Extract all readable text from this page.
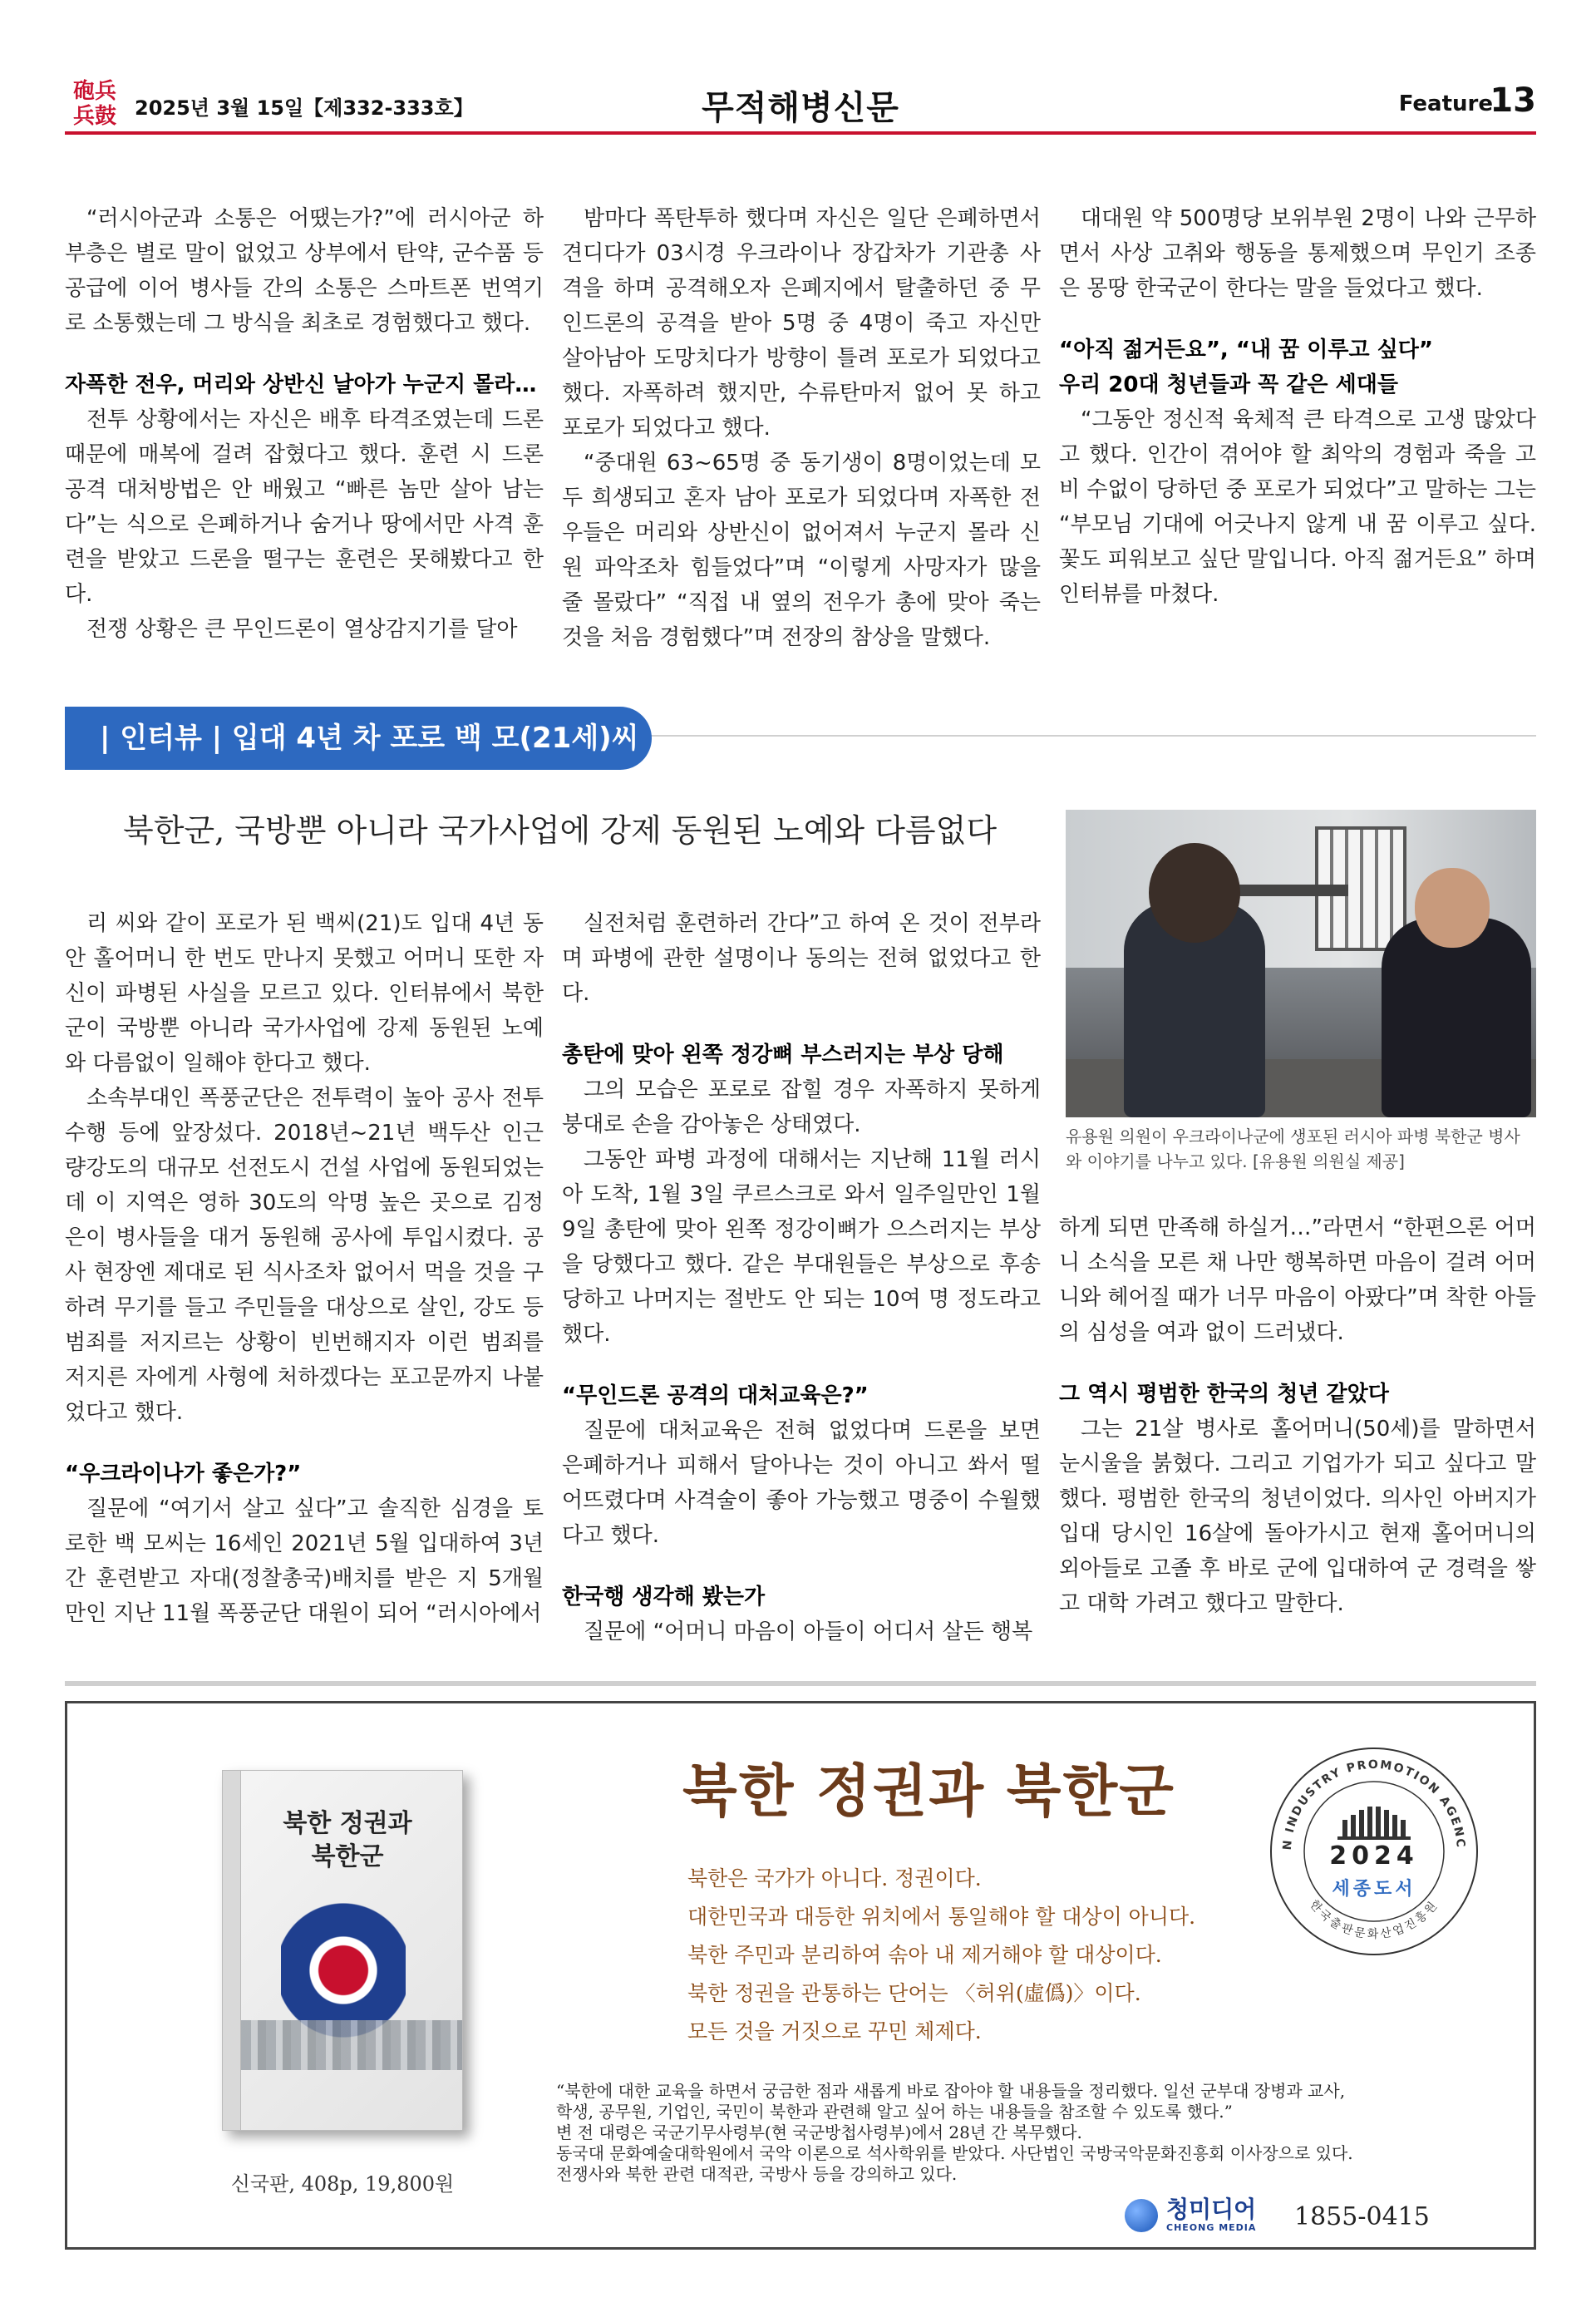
砲兵
兵鼓 2025년 3월 15일【제332-333호】	무적해병신문	Feature
13

“러시아군과 소통은 어땠는가?”에 러시아군 하부층은 별로 말이 없었고 상부에서 탄약, 군수품 등 공급에 이어 병사들 간의 소통은 스마트폰 번역기로 소통했는데 그 방식을 최초로 경험했다고 했다.

자폭한 전우, 머리와 상반신 날아가 누군지 몰라…

전투 상황에서는 자신은 배후 타격조였는데 드론 때문에 매복에 걸려 잡혔다고 했다. 훈련 시 드론 공격 대처방법은 안 배웠고 “빠른 놈만 살아 남는다”는 식으로 은폐하거나 숨거나 땅에서만 사격 훈련을 받았고 드론을 떨구는 훈련은 못해봤다고 한다.

전쟁 상황은 큰 무인드론이 열상감지기를 달아

밤마다 폭탄투하 했다며 자신은 일단 은폐하면서 견디다가 03시경 우크라이나 장갑차가 기관총 사격을 하며 공격해오자 은폐지에서 탈출하던 중 무인드론의 공격을 받아 5명 중 4명이 죽고 자신만 살아남아 도망치다가 방향이 틀려 포로가 되었다고 했다. 자폭하려 했지만, 수류탄마저 없어 못 하고 포로가 되었다고 했다.

“중대원 63~65명 중 동기생이 8명이었는데 모두 희생되고 혼자 남아 포로가 되었다며 자폭한 전우들은 머리와 상반신이 없어져서 누군지 몰라 신원 파악조차 힘들었다”며 “이렇게 사망자가 많을 줄 몰랐다” “직접 내 옆의 전우가 총에 맞아 죽는 것을 처음 경험했다”며 전장의 참상을 말했다.

대대원 약 500명당 보위부원 2명이 나와 근무하면서 사상 고취와 행동을 통제했으며 무인기 조종은 몽땅 한국군이 한다는 말을 들었다고 했다.

“아직 젊거든요”, “내 꿈 이루고 싶다”
우리 20대 청년들과 꼭 같은 세대들

“그동안 정신적 육체적 큰 타격으로 고생 많았다고 했다. 인간이 겪어야 할 최악의 경험과 죽을 고비 수없이 당하던 중 포로가 되었다”고 말하는 그는 “부모님 기대에 어긋나지 않게 내 꿈 이루고 싶다. 꽃도 피워보고 싶단 말입니다. 아직 젊거든요” 하며 인터뷰를 마쳤다.

| 인터뷰 | 입대 4년 차 포로 백 모(21세)씨
북한군, 국방뿐 아니라 국가사업에 강제 동원된 노예와 다름없다
유용원 의원이 우크라이나군에 생포된 러시아 파병 북한군 병사와 이야기를 나누고 있다. [유용원 의원실 제공]

리 씨와 같이 포로가 된 백씨(21)도 입대 4년 동안 홀어머니 한 번도 만나지 못했고 어머니 또한 자신이 파병된 사실을 모르고 있다. 인터뷰에서 북한군이 국방뿐 아니라 국가사업에 강제 동원된 노예와 다름없이 일해야 한다고 했다.

소속부대인 폭풍군단은 전투력이 높아 공사 전투 수행 등에 앞장섰다. 2018년~21년 백두산 인근 량강도의 대규모 선전도시 건설 사업에 동원되었는데 이 지역은 영하 30도의 악명 높은 곳으로 김정은이 병사들을 대거 동원해 공사에 투입시켰다. 공사 현장엔 제대로 된 식사조차 없어서 먹을 것을 구하려 무기를 들고 주민들을 대상으로 살인, 강도 등 범죄를 저지르는 상황이 빈번해지자 이런 범죄를 저지른 자에게 사형에 처하겠다는 포고문까지 나붙었다고 했다.

“우크라이나가 좋은가?”

질문에 “여기서 살고 싶다”고 솔직한 심경을 토로한 백 모씨는 16세인 2021년 5월 입대하여 3년간 훈련받고 자대(정찰총국)배치를 받은 지 5개월만인 지난 11월 폭풍군단 대원이 되어 “러시아에서

실전처럼 훈련하러 간다”고 하여 온 것이 전부라며 파병에 관한 설명이나 동의는 전혀 없었다고 한다.

총탄에 맞아 왼쪽 정강뼈 부스러지는 부상 당해

그의 모습은 포로로 잡힐 경우 자폭하지 못하게 붕대로 손을 감아놓은 상태였다.

그동안 파병 과정에 대해서는 지난해 11월 러시아 도착, 1월 3일 쿠르스크로 와서 일주일만인 1월 9일 총탄에 맞아 왼쪽 정강이뼈가 으스러지는 부상을 당했다고 했다. 같은 부대원들은 부상으로 후송당하고 나머지는 절반도 안 되는 10여 명 정도라고 했다.

“무인드론 공격의 대처교육은?”

질문에 대처교육은 전혀 없었다며 드론을 보면 은폐하거나 피해서 달아나는 것이 아니고 쏴서 떨어뜨렸다며 사격술이 좋아 가능했고 명중이 수월했다고 했다.

한국행 생각해 봤는가

질문에 “어머니 마음이 아들이 어디서 살든 행복

하게 되면 만족해 하실거…”라면서 “한편으론 어머니 소식을 모른 채 나만 행복하면 마음이 걸려 어머니와 헤어질 때가 너무 마음이 아팠다”며 착한 아들의 심성을 여과 없이 드러냈다.

그 역시 평범한 한국의 청년 같았다

그는 21살 병사로 홀어머니(50세)를 말하면서 눈시울을 붉혔다. 그리고 기업가가 되고 싶다고 말했다. 평범한 한국의 청년이었다. 의사인 아버지가 입대 당시인 16살에 돌아가시고 현재 홀어머니의 외아들로 고졸 후 바로 군에 입대하여 군 경력을 쌓고 대학 가려고 했다고 말한다.

북한 정권과
북한군
신국판, 408p, 19,800원
북한 정권과 북한군
북한은 국가가 아니다. 정권이다.
대한민국과 대등한 위치에서 통일해야 할 대상이 아니다.
북한 주민과 분리하여 솎아 내 제거해야 할 대상이다.
북한 정권을 관통하는 단어는 〈허위(虛僞)〉이다.
모든 것을 거짓으로 꾸민 체제다.
N INDUSTRY PROMOTION AGENC
한국출판문화산업진흥원
2024
세종도서
“북한에 대한 교육을 하면서 궁금한 점과 새롭게 바로 잡아야 할 내용들을 정리했다. 일선 군부대 장병과 교사,
학생, 공무원, 기업인, 국민이 북한과 관련해 알고 싶어 하는 내용들을 참조할 수 있도록 했다.”
변 전 대령은 국군기무사령부(현 국군방첩사령부)에서 28년 간 복무했다.
동국대 문화예술대학원에서 국악 이론으로 석사학위를 받았다. 사단법인 국방국악문화진흥회 이사장으로 있다.
전쟁사와 북한 관련 대적관, 국방사 등을 강의하고 있다.
청미디어
CHEONG MEDIA 1855-0415
